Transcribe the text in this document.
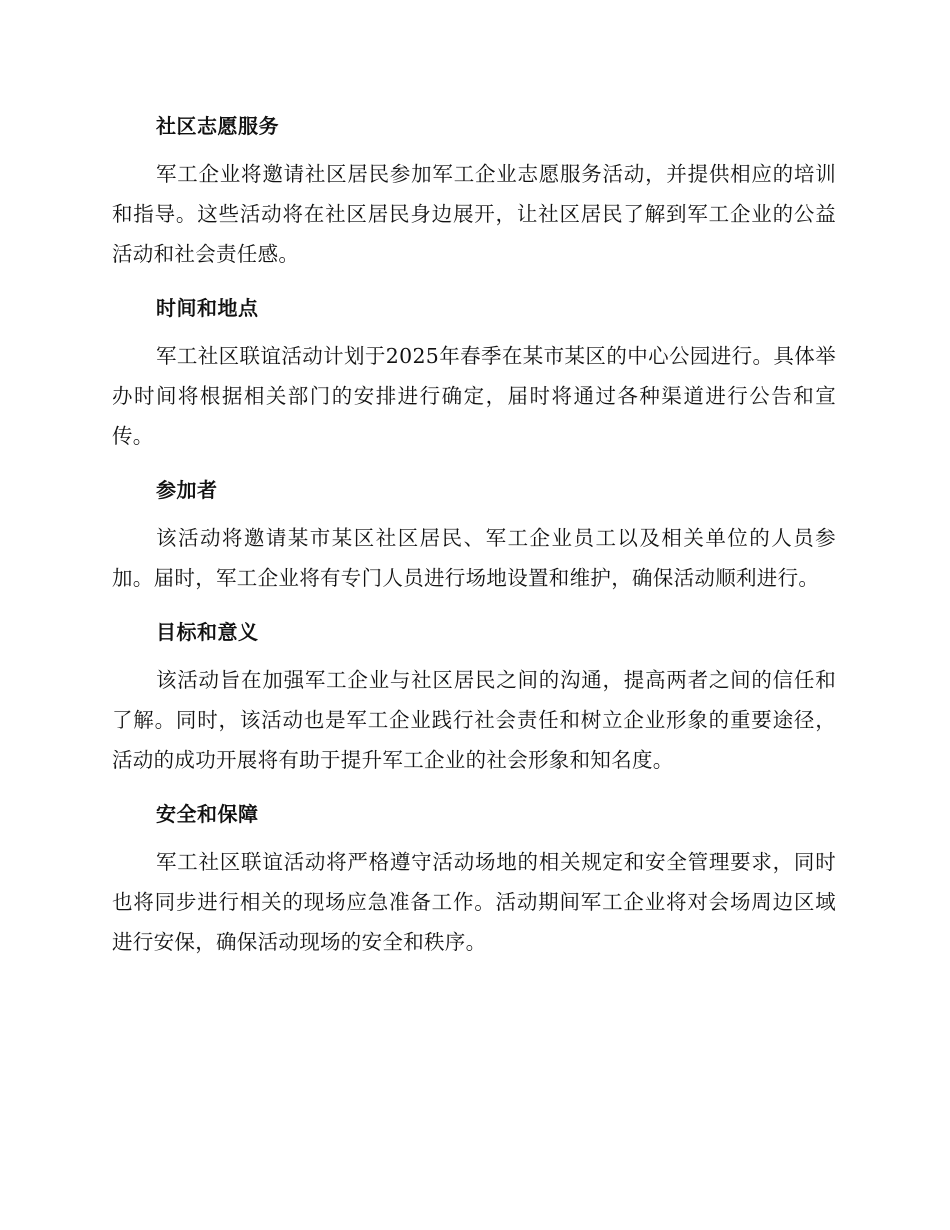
社区志愿服务

军工企业将邀请社区居民参加军工企业志愿服务活动，并提供相应的培训和指导。这些活动将在社区居民身边展开，让社区居民了解到军工企业的公益活动和社会责任感。

时间和地点

军工社区联谊活动计划于2025年春季在某市某区的中心公园进行。具体举办时间将根据相关部门的安排进行确定，届时将通过各种渠道进行公告和宣传。

参加者

该活动将邀请某市某区社区居民、军工企业员工以及相关单位的人员参加。届时，军工企业将有专门人员进行场地设置和维护，确保活动顺利进行。

目标和意义

该活动旨在加强军工企业与社区居民之间的沟通，提高两者之间的信任和了解。同时，该活动也是军工企业践行社会责任和树立企业形象的重要途径，活动的成功开展将有助于提升军工企业的社会形象和知名度。

安全和保障

军工社区联谊活动将严格遵守活动场地的相关规定和安全管理要求，同时也将同步进行相关的现场应急准备工作。活动期间军工企业将对会场周边区域进行安保，确保活动现场的安全和秩序。
